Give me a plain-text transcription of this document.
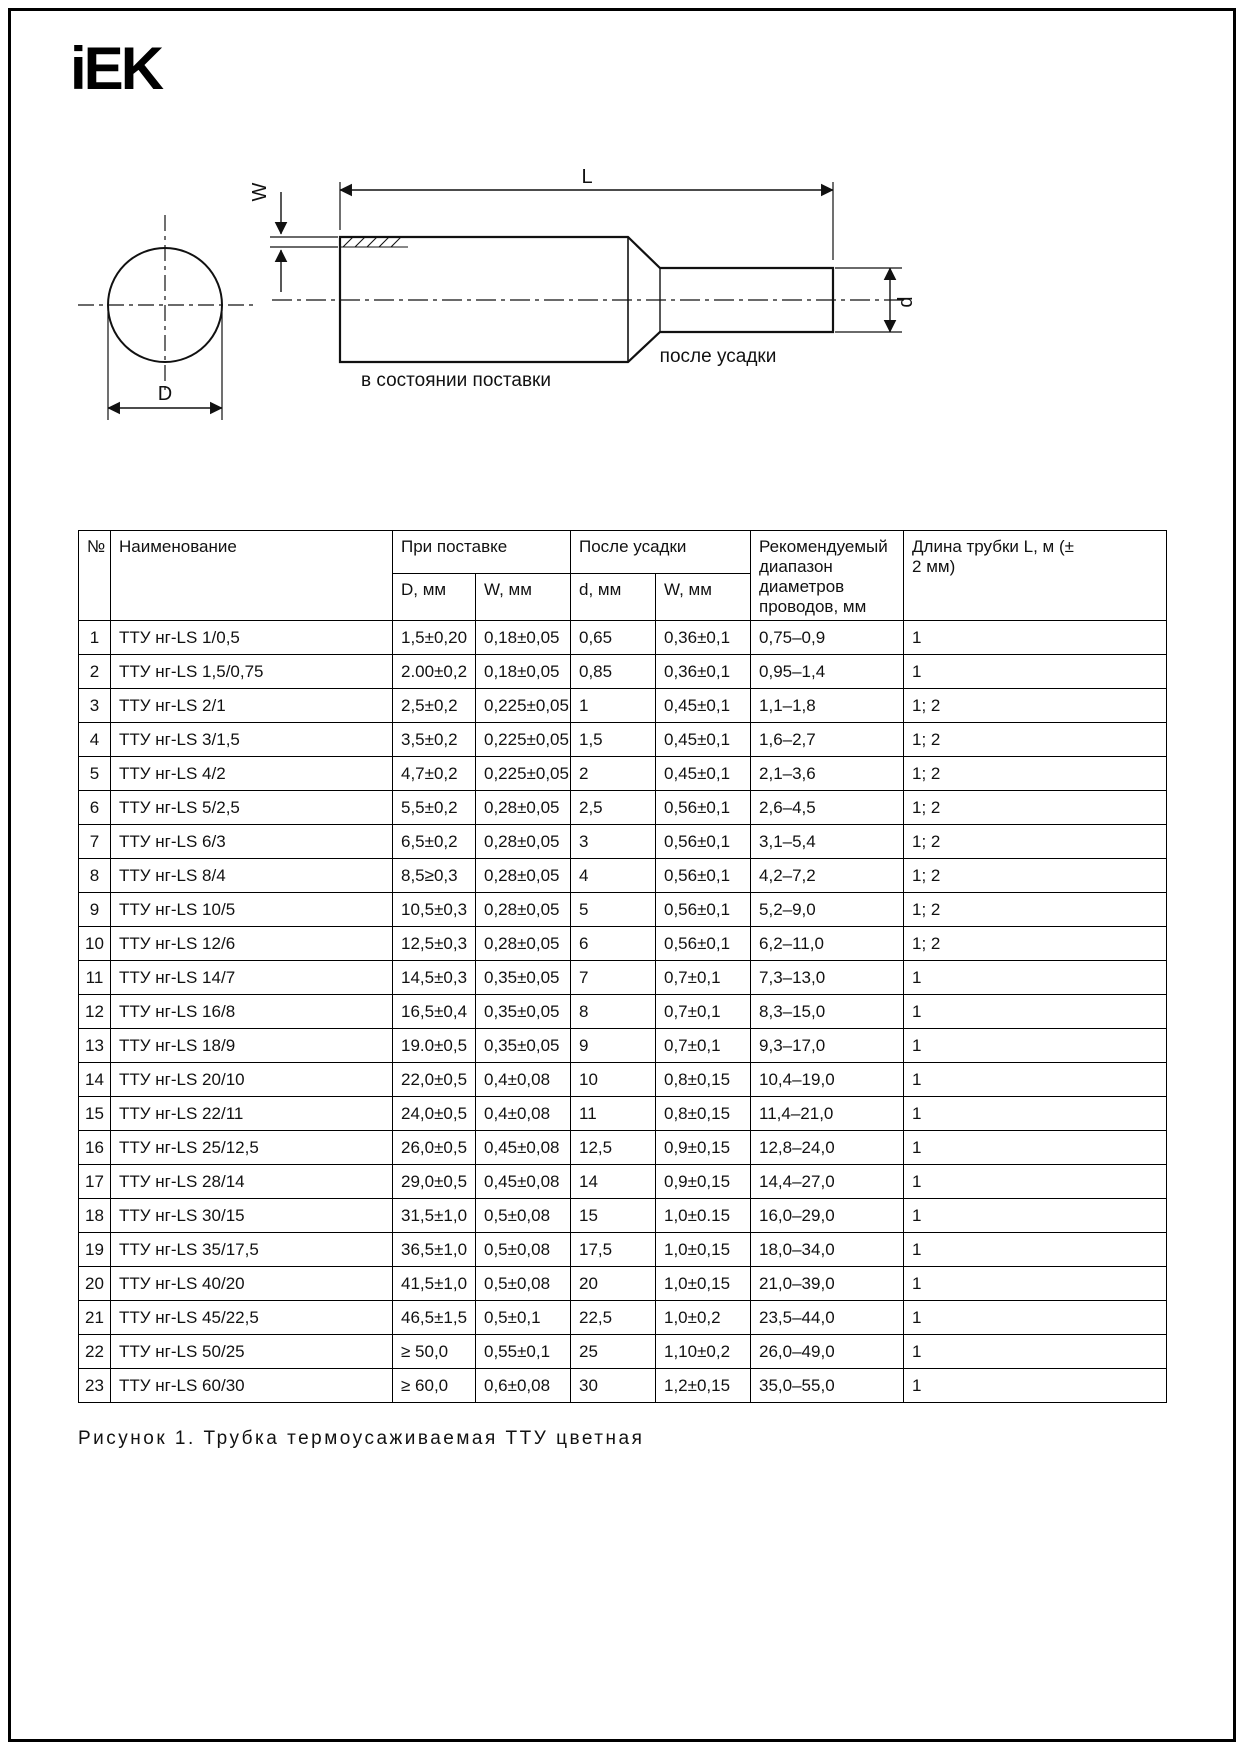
iEK
D
L
W
d
после усадки
в состоянии поставки
№	Наименование	При поставке		После усадки		Рекомендуемый диапазон диаметров проводов, мм	Длина трубки L, м (± 2 мм)
		D, мм	W, мм	d, мм	W, мм		
1	ТТУ нг-LS 1/0,5	1,5±0,20	0,18±0,05	0,65	0,36±0,1	0,75–0,9	1
2	ТТУ нг-LS 1,5/0,75	2.00±0,2	0,18±0,05	0,85	0,36±0,1	0,95–1,4	1
3	ТТУ нг-LS 2/1	2,5±0,2	0,225±0,05	1	0,45±0,1	1,1–1,8	1; 2
4	ТТУ нг-LS 3/1,5	3,5±0,2	0,225±0,05	1,5	0,45±0,1	1,6–2,7	1; 2
5	ТТУ нг-LS 4/2	4,7±0,2	0,225±0,05	2	0,45±0,1	2,1–3,6	1; 2
6	ТТУ нг-LS 5/2,5	5,5±0,2	0,28±0,05	2,5	0,56±0,1	2,6–4,5	1; 2
7	ТТУ нг-LS 6/3	6,5±0,2	0,28±0,05	3	0,56±0,1	3,1–5,4	1; 2
8	ТТУ нг-LS 8/4	8,5≥0,3	0,28±0,05	4	0,56±0,1	4,2–7,2	1; 2
9	ТТУ нг-LS 10/5	10,5±0,3	0,28±0,05	5	0,56±0,1	5,2–9,0	1; 2
10	ТТУ нг-LS 12/6	12,5±0,3	0,28±0,05	6	0,56±0,1	6,2–11,0	1; 2
11	ТТУ нг-LS 14/7	14,5±0,3	0,35±0,05	7	0,7±0,1	7,3–13,0	1
12	ТТУ нг-LS 16/8	16,5±0,4	0,35±0,05	8	0,7±0,1	8,3–15,0	1
13	ТТУ нг-LS 18/9	19.0±0,5	0,35±0,05	9	0,7±0,1	9,3–17,0	1
14	ТТУ нг-LS 20/10	22,0±0,5	0,4±0,08	10	0,8±0,15	10,4–19,0	1
15	ТТУ нг-LS 22/11	24,0±0,5	0,4±0,08	11	0,8±0,15	11,4–21,0	1
16	ТТУ нг-LS 25/12,5	26,0±0,5	0,45±0,08	12,5	0,9±0,15	12,8–24,0	1
17	ТТУ нг-LS 28/14	29,0±0,5	0,45±0,08	14	0,9±0,15	14,4–27,0	1
18	ТТУ нг-LS 30/15	31,5±1,0	0,5±0,08	15	1,0±0.15	16,0–29,0	1
19	ТТУ нг-LS 35/17,5	36,5±1,0	0,5±0,08	17,5	1,0±0,15	18,0–34,0	1
20	ТТУ нг-LS 40/20	41,5±1,0	0,5±0,08	20	1,0±0,15	21,0–39,0	1
21	ТТУ нг-LS 45/22,5	46,5±1,5	0,5±0,1	22,5	1,0±0,2	23,5–44,0	1
22	ТТУ нг-LS 50/25	≥ 50,0	0,55±0,1	25	1,10±0,2	26,0–49,0	1
23	ТТУ нг-LS 60/30	≥ 60,0	0,6±0,08	30	1,2±0,15	35,0–55,0	1
Рисунок 1. Трубка термоусаживаемая ТТУ цветная
